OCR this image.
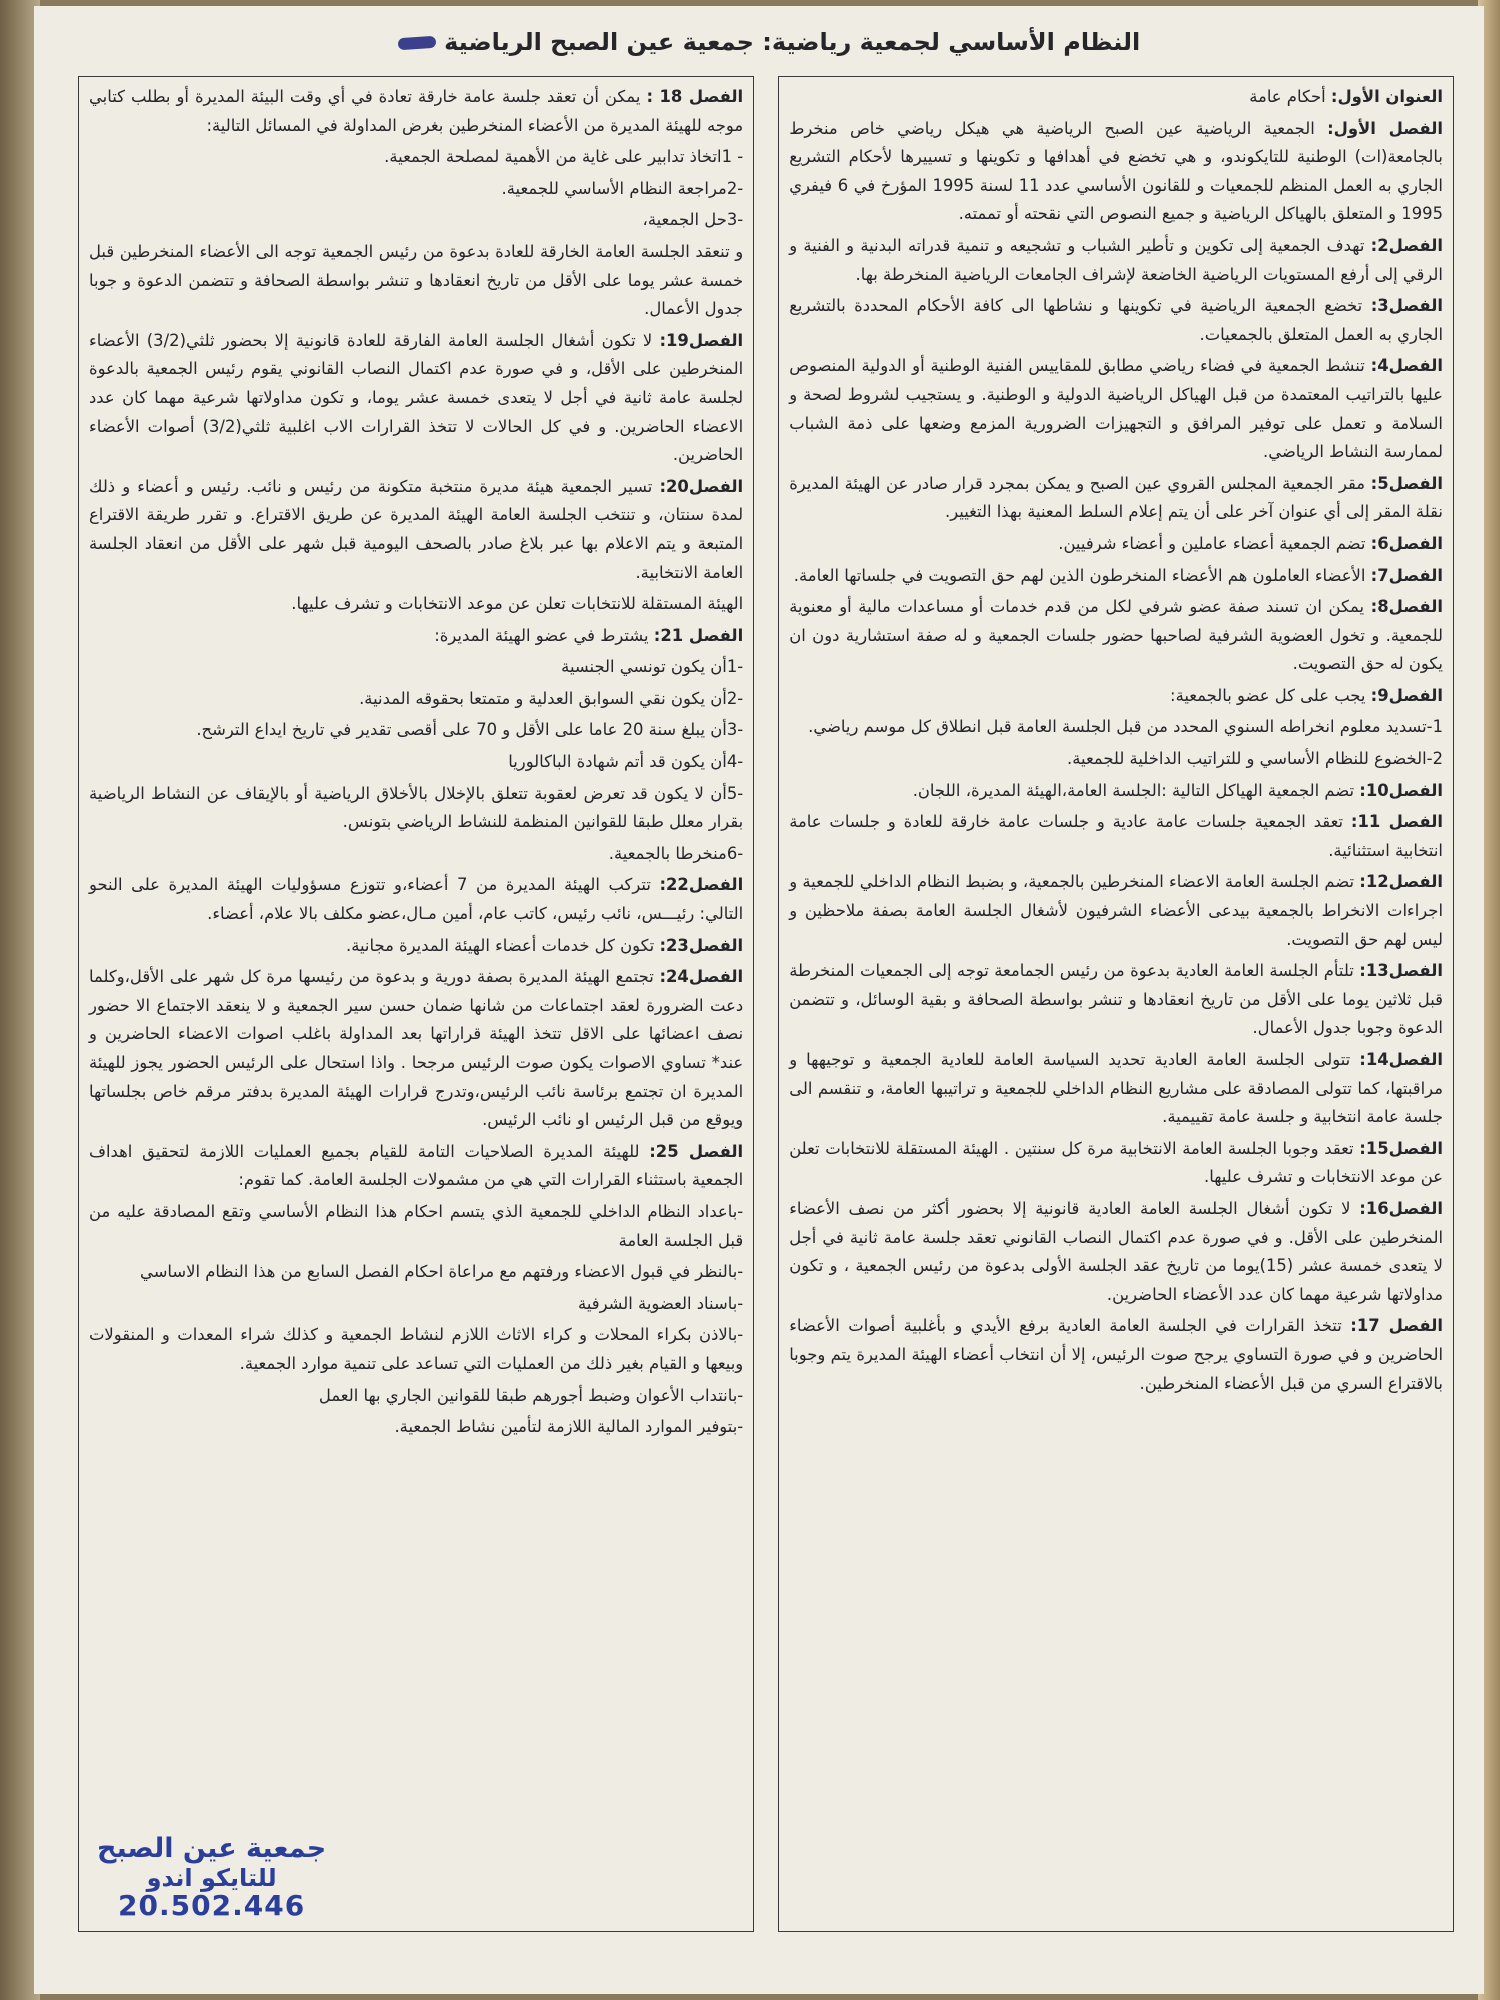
النظام الأساسي لجمعية رياضية: جمعية عين الصبح الرياضية

العنوان الأول: أحكام عامة

الفصل الأول: الجمعية الرياضية عين الصبح الرياضية هي هيكل رياضي خاص منخرط بالجامعة(ات) الوطنية للتايكوندو، و هي تخضع في أهدافها و تكوينها و تسييرها لأحكام التشريع الجاري به العمل المنظم للجمعيات و للقانون الأساسي عدد 11 لسنة 1995 المؤرخ في 6 فيفري 1995 و المتعلق بالهياكل الرياضية و جميع النصوص التي نقحته أو تممته.

الفصل2: تهدف الجمعية إلى تكوين و تأطير الشباب و تشجيعه و تنمية قدراته البدنية و الفنية و الرقي إلى أرفع المستويات الرياضية الخاضعة لإشراف الجامعات الرياضية المنخرطة بها.

الفصل3: تخضع الجمعية الرياضية في تكوينها و نشاطها الى كافة الأحكام المحددة بالتشريع الجاري به العمل المتعلق بالجمعيات.

الفصل4: تنشط الجمعية في فضاء رياضي مطابق للمقاييس الفنية الوطنية أو الدولية المنصوص عليها بالتراتيب المعتمدة من قبل الهياكل الرياضية الدولية و الوطنية. و يستجيب لشروط لصحة و السلامة و تعمل على توفير المرافق و التجهيزات الضرورية المزمع وضعها على ذمة الشباب لممارسة النشاط الرياضي.

الفصل5: مقر الجمعية المجلس القروي عين الصبح و يمكن بمجرد قرار صادر عن الهيئة المديرة نقلة المقر إلى أي عنوان آخر على أن يتم إعلام السلط المعنية بهذا التغيير.

الفصل6: تضم الجمعية أعضاء عاملين و أعضاء شرفيين.

الفصل7: الأعضاء العاملون هم الأعضاء المنخرطون الذين لهم حق التصويت في جلساتها العامة.

الفصل8: يمكن ان تسند صفة عضو شرفي لكل من قدم خدمات أو مساعدات مالية أو معنوية للجمعية. و تخول العضوية الشرفية لصاحبها حضور جلسات الجمعية و له صفة استشارية دون ان يكون له حق التصويت.

الفصل9: يجب على كل عضو بالجمعية:

1-تسديد معلوم انخراطه السنوي المحدد من قبل الجلسة العامة قبل انطلاق كل موسم رياضي.

2-الخضوع للنظام الأساسي و للتراتيب الداخلية للجمعية.

الفصل10: تضم الجمعية الهياكل التالية :الجلسة العامة،الهيئة المديرة، اللجان.

الفصل 11: تعقد الجمعية جلسات عامة عادية و جلسات عامة خارقة للعادة و جلسات عامة انتخابية استثنائية.

الفصل12: تضم الجلسة العامة الاعضاء المنخرطين بالجمعية، و بضبط النظام الداخلي للجمعية و اجراءات الانخراط بالجمعية بيدعى الأعضاء الشرفيون لأشغال الجلسة العامة بصفة ملاحظين و ليس لهم حق التصويت.

الفصل13: تلتأم الجلسة العامة العادية بدعوة من رئيس الجمامعة توجه إلى الجمعيات المنخرطة قبل ثلاثين يوما على الأقل من تاريخ انعقادها و تنشر بواسطة الصحافة و بقية الوسائل، و تتضمن الدعوة وجوبا جدول الأعمال.

الفصل14: تتولى الجلسة العامة العادية تحديد السياسة العامة للعادية الجمعية و توجيهها و مراقبتها، كما تتولى المصادقة على مشاريع النظام الداخلي للجمعية و تراتيبها العامة، و تنقسم الى جلسة عامة انتخابية و جلسة عامة تقييمية.

الفصل15: تعقد وجوبا الجلسة العامة الانتخابية مرة كل سنتين . الهيئة المستقلة للانتخابات تعلن عن موعد الانتخابات و تشرف عليها.

الفصل16: لا تكون أشغال الجلسة العامة العادية قانونية إلا بحضور أكثر من نصف الأعضاء المنخرطين على الأقل. و في صورة عدم اكتمال النصاب القانوني تعقد جلسة عامة ثانية في أجل لا يتعدى خمسة عشر (15)يوما من تاريخ عقد الجلسة الأولى بدعوة من رئيس الجمعية ، و تكون مداولاتها شرعية مهما كان عدد الأعضاء الحاضرين.

الفصل 17: تتخذ القرارات في الجلسة العامة العادية برفع الأيدي و بأغلبية أصوات الأعضاء الحاضرين و في صورة التساوي يرجح صوت الرئيس، إلا أن انتخاب أعضاء الهيئة المديرة يتم وجوبا بالاقتراع السري من قبل الأعضاء المنخرطين.

الفصل 18 : يمكن أن تعقد جلسة عامة خارقة تعادة في أي وقت البيئة المديرة أو بطلب كتابي موجه للهيئة المديرة من الأعضاء المنخرطين بغرض المداولة في المسائل التالية:

- 1اتخاذ تدابير على غاية من الأهمية لمصلحة الجمعية.

-2مراجعة النظام الأساسي للجمعية.

-3حل الجمعية،

و تنعقد الجلسة العامة الخارقة للعادة بدعوة من رئيس الجمعية توجه الى الأعضاء المنخرطين قبل خمسة عشر يوما على الأقل من تاريخ انعقادها و تنشر بواسطة الصحافة و تتضمن الدعوة و جوبا جدول الأعمال.

الفصل19: لا تكون أشغال الجلسة العامة الفارقة للعادة قانونية إلا بحضور ثلثي(3/2) الأعضاء المنخرطين على الأقل، و في صورة عدم اكتمال النصاب القانوني يقوم رئيس الجمعية بالدعوة لجلسة عامة ثانية في أجل لا يتعدى خمسة عشر يوما، و تكون مداولاتها شرعية مهما كان عدد الاعضاء الحاضرين. و في كل الحالات لا تتخذ القرارات الاب اغلبية ثلثي(3/2) أصوات الأعضاء الحاضرين.

الفصل20: تسير الجمعية هيئة مديرة منتخبة متكونة من رئيس و نائب. رئيس و أعضاء و ذلك لمدة سنتان، و تنتخب الجلسة العامة الهيئة المديرة عن طريق الاقتراع. و تقرر طريقة الاقتراع المتبعة و يتم الاعلام بها عبر بلاغ صادر بالصحف اليومية قبل شهر على الأقل من انعقاد الجلسة العامة الانتخابية.

الهيئة المستقلة للانتخابات تعلن عن موعد الانتخابات و تشرف عليها.

الفصل 21: يشترط في عضو الهيئة المديرة:

-1أن يكون تونسي الجنسية

-2أن يكون نقي السوابق العدلية و متمتعا بحقوقه المدنية.

-3أن يبلغ سنة 20 عاما على الأقل و 70 على أقصى تقدير في تاريخ ايداع الترشح.

-4أن يكون قد أتم شهادة الباكالوريا

-5أن لا يكون قد تعرض لعقوبة تتعلق بالإخلال بالأخلاق الرياضية أو بالإيقاف عن النشاط الرياضية بقرار معلل طبقا للقوانين المنظمة للنشاط الرياضي بتونس.

-6منخرطا بالجمعية.

الفصل22: تتركب الهيئة المديرة من 7 أعضاء،و تتوزع مسؤوليات الهيئة المديرة على النحو التالي: رئيـــس، نائب رئيس، كاتب عام، أمين مـال،عضو مكلف بالا علام، أعضاء.

الفصل23: تكون كل خدمات أعضاء الهيئة المديرة مجانية.

الفصل24: تجتمع الهيئة المديرة بصفة دورية و بدعوة من رئيسها مرة كل شهر على الأقل،وكلما دعت الضرورة لعقد اجتماعات من شانها ضمان حسن سير الجمعية و لا ينعقد الاجتماع الا حضور نصف اعضائها على الاقل تتخذ الهيئة قراراتها بعد المداولة باغلب اصوات الاعضاء الحاضرين و عند* تساوي الاصوات يكون صوت الرئيس مرجحا . واذا استحال على الرئيس الحضور يجوز للهيئة المديرة ان تجتمع برئاسة نائب الرئيس،وتدرج قرارات الهيئة المديرة بدفتر مرقم خاص بجلساتها ويوقع من قبل الرئيس او نائب الرئيس.

الفصل 25: للهيئة المديرة الصلاحيات التامة للقيام بجميع العمليات اللازمة لتحقيق اهداف الجمعية باستثناء القرارات التي هي من مشمولات الجلسة العامة. كما تقوم:

-باعداد النظام الداخلي للجمعية الذي يتسم احكام هذا النظام الأساسي وتقع المصادقة عليه من قبل الجلسة العامة

-بالنظر في قبول الاعضاء ورفتهم مع مراعاة احكام الفصل السابع من هذا النظام الاساسي

-باسناد العضوية الشرفية

-بالاذن بكراء المحلات و كراء الاثاث اللازم لنشاط الجمعية و كذلك شراء المعدات و المنقولات وبيعها و القيام بغير ذلك من العمليات التي تساعد على تنمية موارد الجمعية.

-بانتداب الأعوان وضبط أجورهم طبقا للقوانين الجاري بها العمل

-بتوفير الموارد المالية اللازمة لتأمين نشاط الجمعية.

جمعية عين الصبح
للتايكو اندو
20.502.446
